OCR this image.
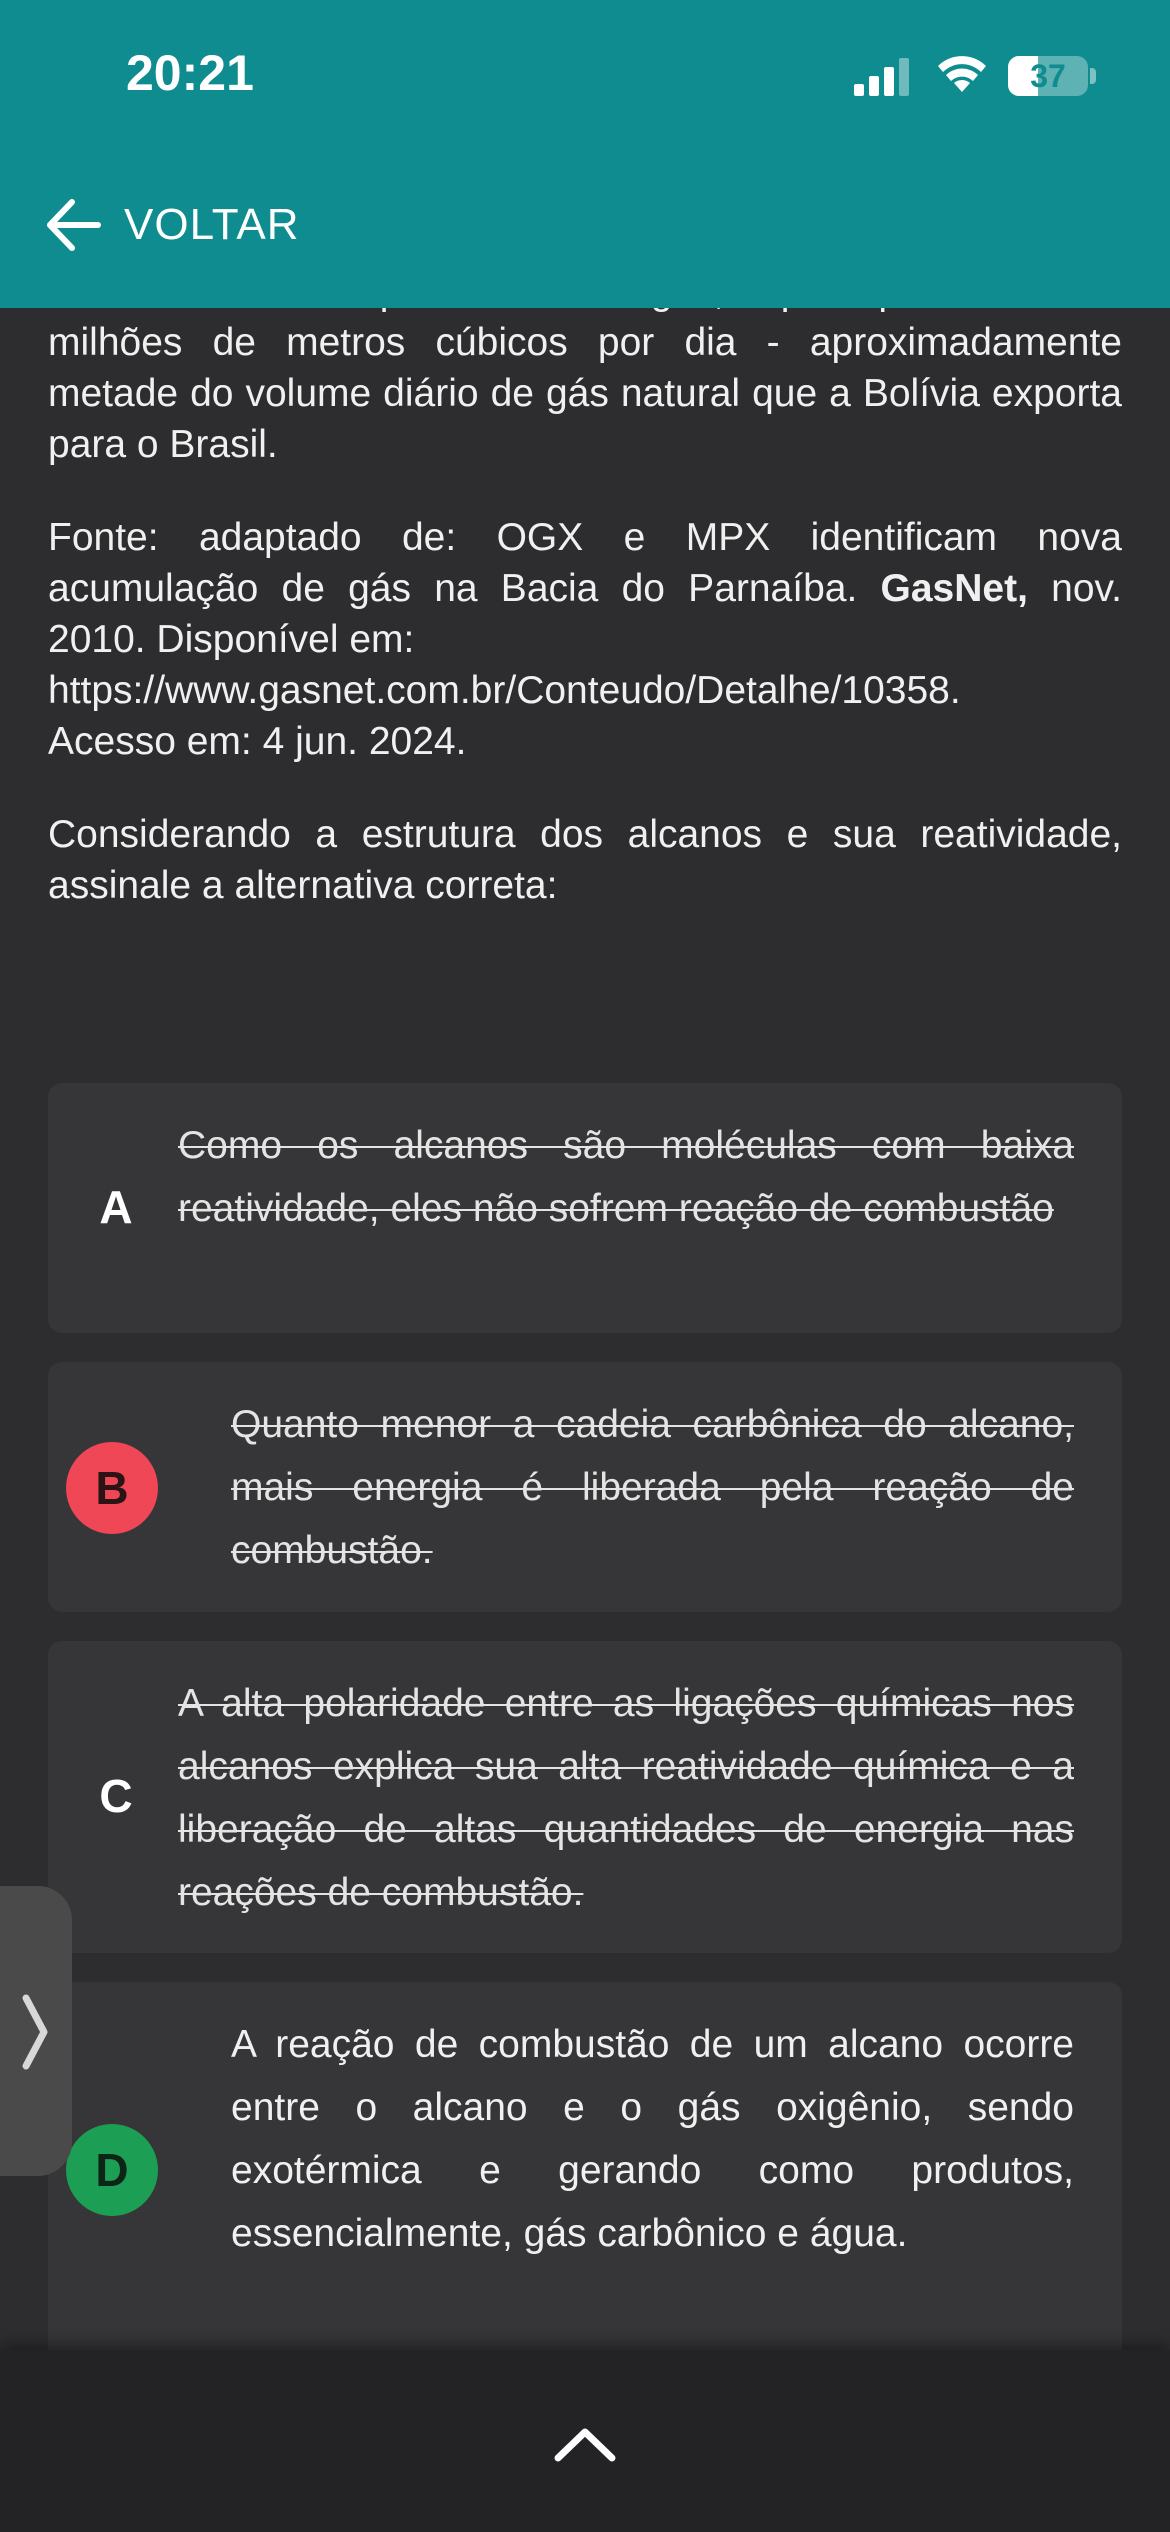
milhões de metros cúbicos por dia - aproximadamente metade do volume diário de gás natural que a Bolívia exporta para o Brasil.

Fonte: adaptado de: OGX e MPX identificam nova acumulação de gás na Bacia do Parnaíba. GasNet, nov. 2010. Disponível em:
https://www.gasnet.com.br/Conteudo/Detalhe/10358.
Acesso em: 4 jun. 2024.

Considerando a estrutura dos alcanos e sua reatividade, assinale a alternativa correta:

A
Como os alcanos são moléculas com baixa reatividade, eles não sofrem reação de combustão
B
Quanto menor a cadeia carbônica do alcano, mais energia é liberada pela reação de combustão.
C
A alta polaridade entre as ligações químicas nos alcanos explica sua alta reatividade química e a liberação de altas quantidades de energia nas reações de combustão.
D
A reação de combustão de um alcano ocorre entre o alcano e o gás oxigênio, sendo exotérmica e gerando como produtos, essencialmente, gás carbônico e água.
20:21	37
VOLTAR
